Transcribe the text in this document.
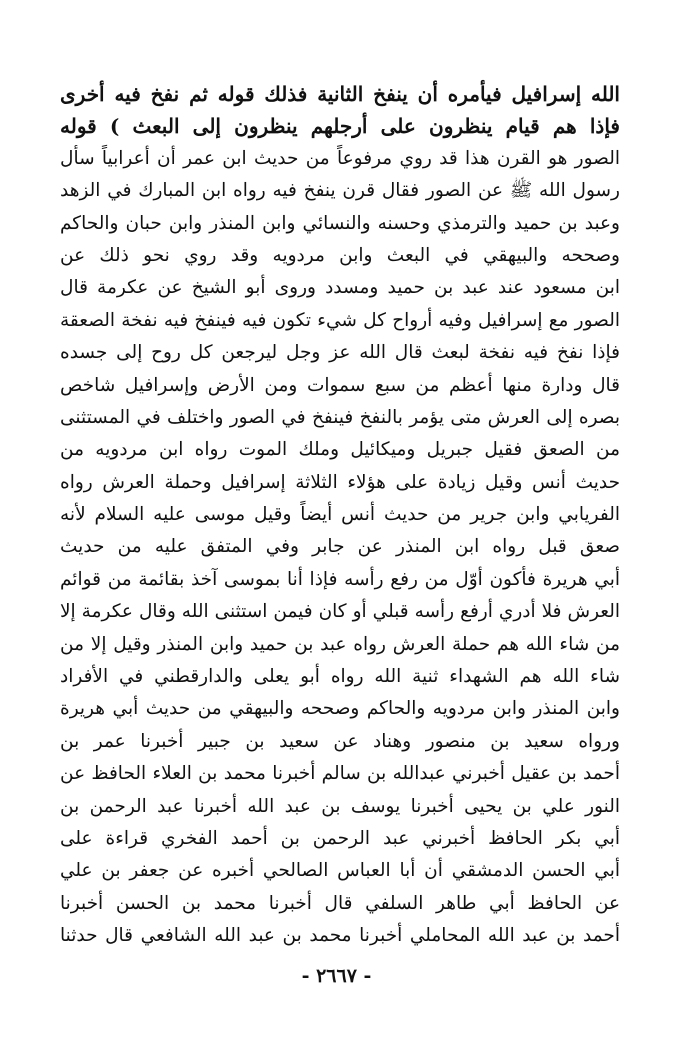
الله إسرافيل فيأمره أن ينفخ الثانية فذلك قوله ثم نفخ فيه أخرى
فإذا هم قيام ينظرون على أرجلهم ينظرون إلى البعث ) قوله
الصور هو القرن هذا قد روي مرفوعاً من حديث ابن عمر أن أعرابياً سأل
رسول الله ﷺ عن الصور فقال قرن ينفخ فيه رواه ابن المبارك في الزهد
وعبد بن حميد والترمذي وحسنه والنسائي وابن المنذر وابن حبان والحاكم
وصححه والبيهقي في البعث وابن مردويه وقد روي نحو ذلك عن
ابن مسعود عند عبد بن حميد ومسدد وروى أبو الشيخ عن عكرمة قال
الصور مع إسرافيل وفيه أرواح كل شيء تكون فيه فينفخ فيه نفخة الصعقة
فإذا نفخ فيه نفخة لبعث قال الله عز وجل ليرجعن كل روح إلى جسده
قال ودارة منها أعظم من سبع سموات ومن الأرض وإسرافيل شاخص
بصره إلى العرش متى يؤمر بالنفخ فينفخ في الصور واختلف في المستثنى
من الصعق فقيل جبريل وميكائيل وملك الموت رواه ابن مردويه من
حديث أنس وقيل زيادة على هؤلاء الثلاثة إسرافيل وحملة العرش رواه
الفريابي وابن جرير من حديث أنس أيضاً وقيل موسى عليه السلام لأنه
صعق قبل رواه ابن المنذر عن جابر وفي المتفق عليه من حديث
أبي هريرة فأكون أوّل من رفع رأسه فإذا أنا بموسى آخذ بقائمة من قوائم
العرش فلا أدري أرفع رأسه قبلي أو كان فيمن استثنى الله وقال عكرمة إلا
من شاء الله هم حملة العرش رواه عبد بن حميد وابن المنذر وقيل إلا من
شاء الله هم الشهداء ثنية الله رواه أبو يعلى والدارقطني في الأفراد
وابن المنذر وابن مردويه والحاكم وصححه والبيهقي من حديث أبي هريرة
ورواه سعيد بن منصور وهناد عن سعيد بن جبير أخبرنا عمر بن
أحمد بن عقيل أخبرني عبدالله بن سالم أخبرنا محمد بن العلاء الحافظ عن
النور علي بن يحيى أخبرنا يوسف بن عبد الله أخبرنا عبد الرحمن بن
أبي بكر الحافظ أخبرني عبد الرحمن بن أحمد الفخري قراءة على
أبي الحسن الدمشقي أن أبا العباس الصالحي أخبره عن جعفر بن علي
عن الحافظ أبي طاهر السلفي قال أخبرنا محمد بن الحسن أخبرنا
أحمد بن عبد الله المحاملي أخبرنا محمد بن عبد الله الشافعي قال حدثنا
- ٢٦٦٧ -
